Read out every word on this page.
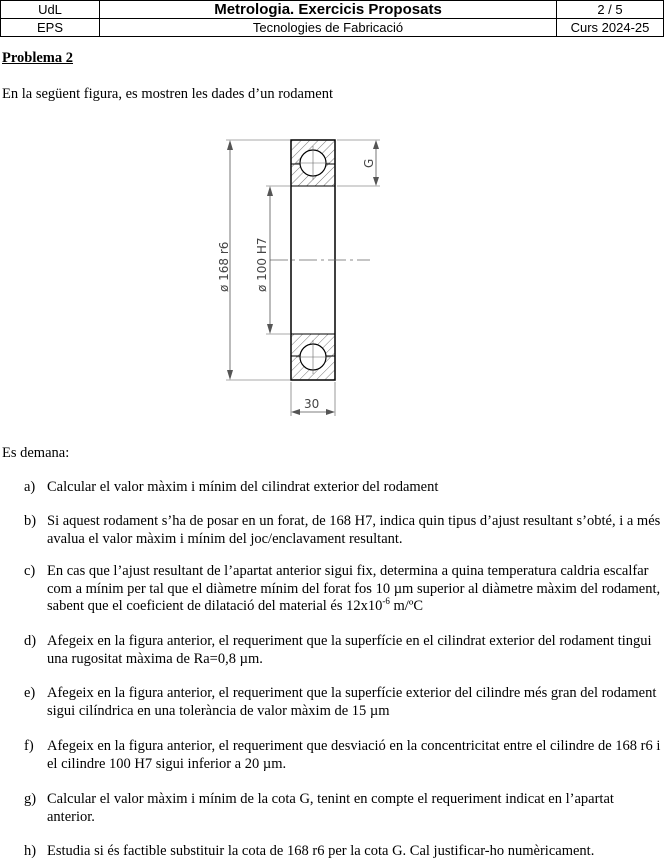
UdL	Metrologia. Exercicis Proposats	2 / 5
EPS	Tecnologies de Fabricació	Curs 2024-25
Problema 2
En la següent figura, es mostren les dades d’un rodament
ø 168 r6 ø 100 H7
30
G
Es demana:
a) Calcular el valor màxim i mínim del cilindrat exterior del rodament
b) Si aquest rodament s’ha de posar en un forat, de 168 H7, indica quin tipus d’ajust resultant s’obté, i a més avalua el valor màxim i mínim del joc/enclavament resultant.
c) En cas que l’ajust resultant de l’apartat anterior sigui fix, determina a quina temperatura caldria escalfar com a mínim per tal que el diàmetre mínim del forat fos 10 µm superior al diàmetre màxim del rodament, sabent que el coeficient de dilatació del material és $12x10^{-6}$ m/ºC
d) Afegeix en la figura anterior, el requeriment que la superfície en el cilindrat exterior del rodament tingui una rugositat màxima de Ra=0,8 µm.
e) Afegeix en la figura anterior, el requeriment que la superfície exterior del cilindre més gran del rodament sigui cilíndrica en una tolerància de valor màxim de 15 µm
f) Afegeix en la figura anterior, el requeriment que desviació en la concentricitat entre el cilindre de 168 r6 i el cilindre 100 H7 sigui inferior a 20 µm.
g) Calcular el valor màxim i mínim de la cota G, tenint en compte el requeriment indicat en l’apartat anterior.
h) Estudia si és factible substituir la cota de 168 r6 per la cota G. Cal justificar-ho numèricament.
